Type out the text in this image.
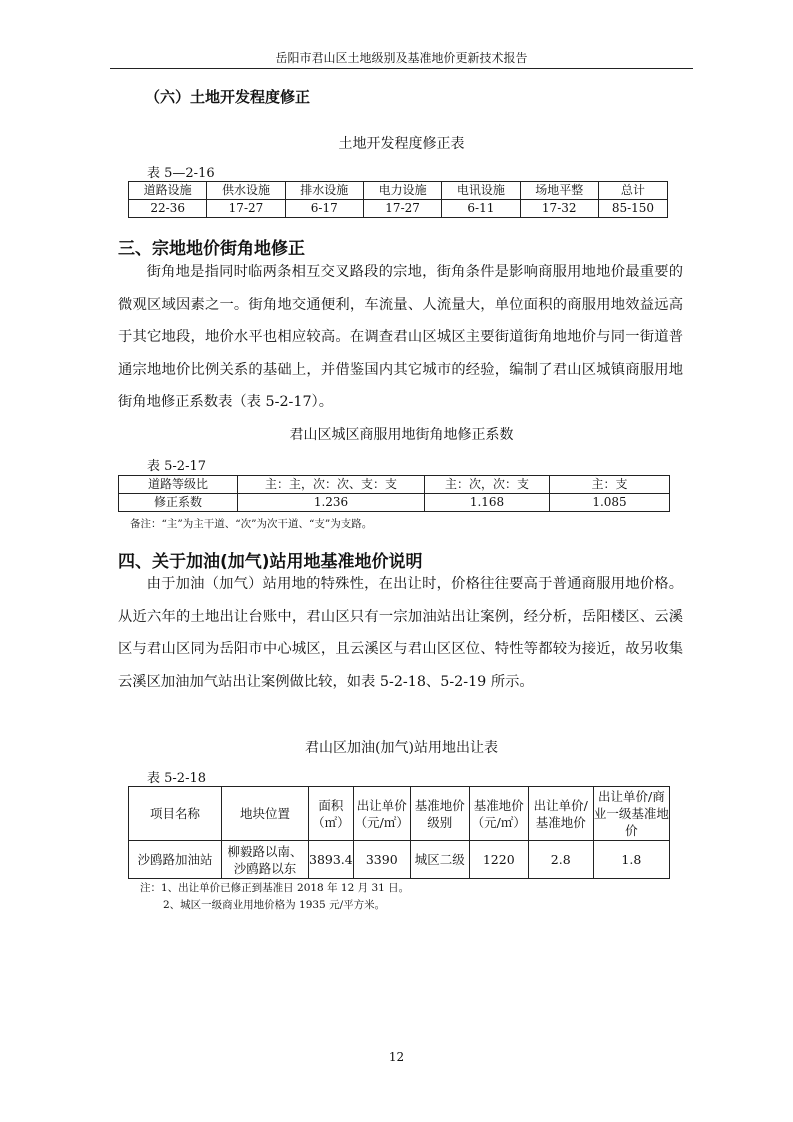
岳阳市君山区土地级别及基准地价更新技术报告
（六）土地开发程度修正
土地开发程度修正表
表 5—2-16
道路设施	供水设施	排水设施	电力设施	电讯设施	场地平整	总计
22-36	17-27	6-17	17-27	6-11	17-32	85-150
三、宗地地价街角地修正
街角地是指同时临两条相互交叉路段的宗地，街角条件是影响商服用地地价最重要的微观区域因素之一。街角地交通便利，车流量、人流量大，单位面积的商服用地效益远高于其它地段，地价水平也相应较高。在调查君山区城区主要街道街角地地价与同一街道普通宗地地价比例关系的基础上，并借鉴国内其它城市的经验，编制了君山区城镇商服用地街角地修正系数表（表 5-2-17）。
君山区城区商服用地街角地修正系数
表 5-2-17
道路等级比	主：主，次：次、支：支	主：次，次：支	主：支
修正系数	1.236	1.168	1.085
备注：“主”为主干道、“次”为次干道、“支”为支路。
四、关于加油(加气)站用地基准地价说明
由于加油（加气）站用地的特殊性，在出让时，价格往往要高于普通商服用地价格。从近六年的土地出让台账中，君山区只有一宗加油站出让案例，经分析，岳阳楼区、云溪区与君山区同为岳阳市中心城区，且云溪区与君山区区位、特性等都较为接近，故另收集云溪区加油加气站出让案例做比较，如表 5-2-18、5-2-19 所示。
君山区加油(加气)站用地出让表
表 5-2-18
项目名称	地块位置	面积（㎡）	出让单价（元/㎡）	基准地价级别	基准地价（元/㎡）	出让单价/基准地价	出让单价/商业一级基准地价
沙鸥路加油站	柳毅路以南、沙鸥路以东	3893.4	3390	城区二级	1220	2.8	1.8
注：1、出让单价已修正到基准日 2018 年 12 月 31 日。
2、城区一级商业用地价格为 1935 元/平方米。
12
